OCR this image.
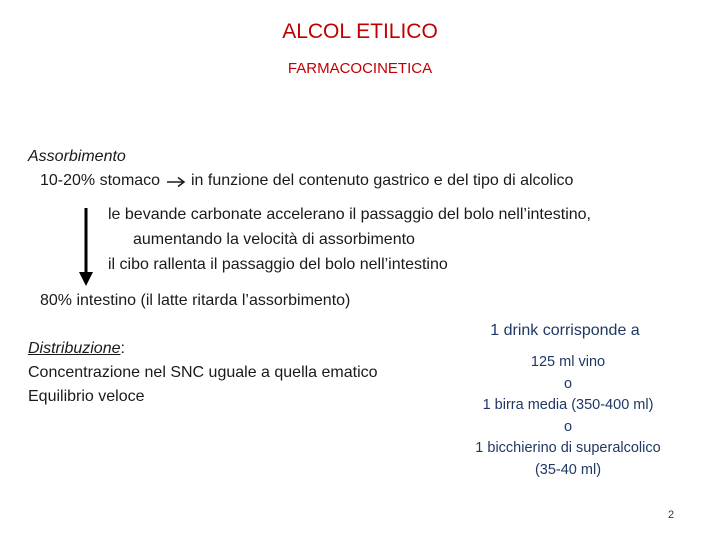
ALCOL ETILICO
FARMACOCINETICA
Assorbimento
10-20% stomaco in funzione del contenuto gastrico e del tipo di alcolico
le bevande carbonate accelerano il passaggio del bolo nell’intestino,
aumentando la velocità di assorbimento
il cibo rallenta il passaggio del bolo nell’intestino
80% intestino (il latte ritarda l’assorbimento)
Distribuzione:
Concentrazione nel SNC uguale a quella ematico
Equilibrio veloce
1 drink corrisponde a
125 ml vino
o
1 birra media (350-400 ml)
o
1 bicchierino di superalcolico
(35-40 ml)
2
